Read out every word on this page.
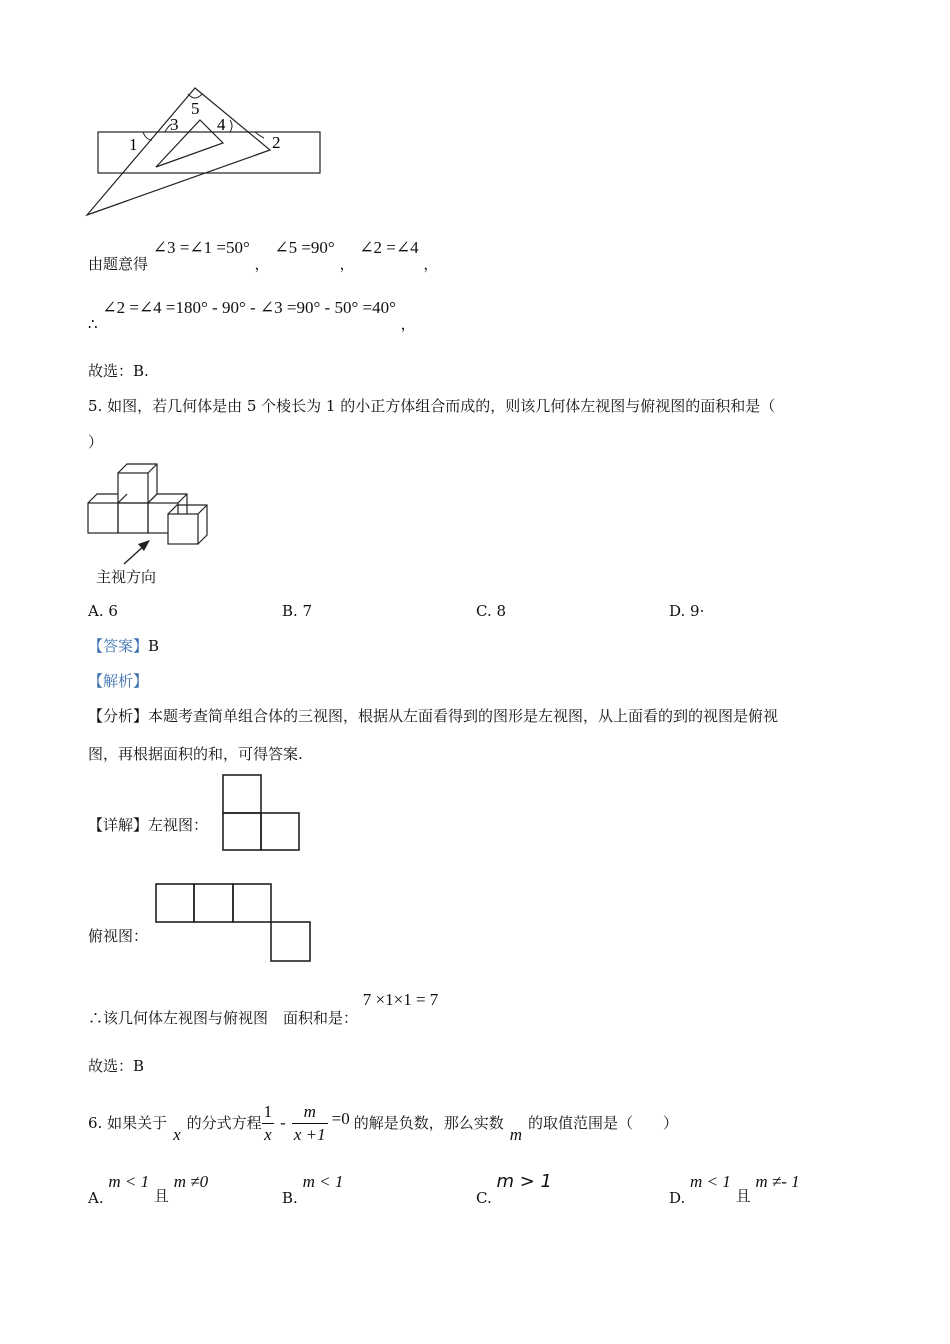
5
3 4
1	2
由题意得 ∠3 =∠1 =50° ， ∠5 =90° ， ∠2 =∠4 ，
∴ ∠2 =∠4 =180° - 90° - ∠3 =90° - 50° =40° ，
故选：B.
5. 如图，若几何体是由 5 个棱长为 1 的小正方体组合而成的，则该几何体左视图与俯视图的面积和是（
）
主视方向
A. 6	B. 7	C. 8	D. 9·
【答案】B
【解析】
【分析】本题考查简单组合体的三视图，根据从左面看得到的图形是左视图，从上面看的到的视图是俯视
图，再根据面积的和，可得答案.
【详解】左视图：
俯视图：
∴该几何体左视图与俯视图　面积和是： 7 ×1×1 = 7
故选：B
6. 如果关于
x
的分式方程 $\frac{1}{x} - \frac{m}{x +1} =0$ 的解是负数，那么实数
m
的取值范围是（　　）
A. m < 1 且 m ≠0
B. m < 1
C. m > 1
D. m < 1 且 m ≠- 1
